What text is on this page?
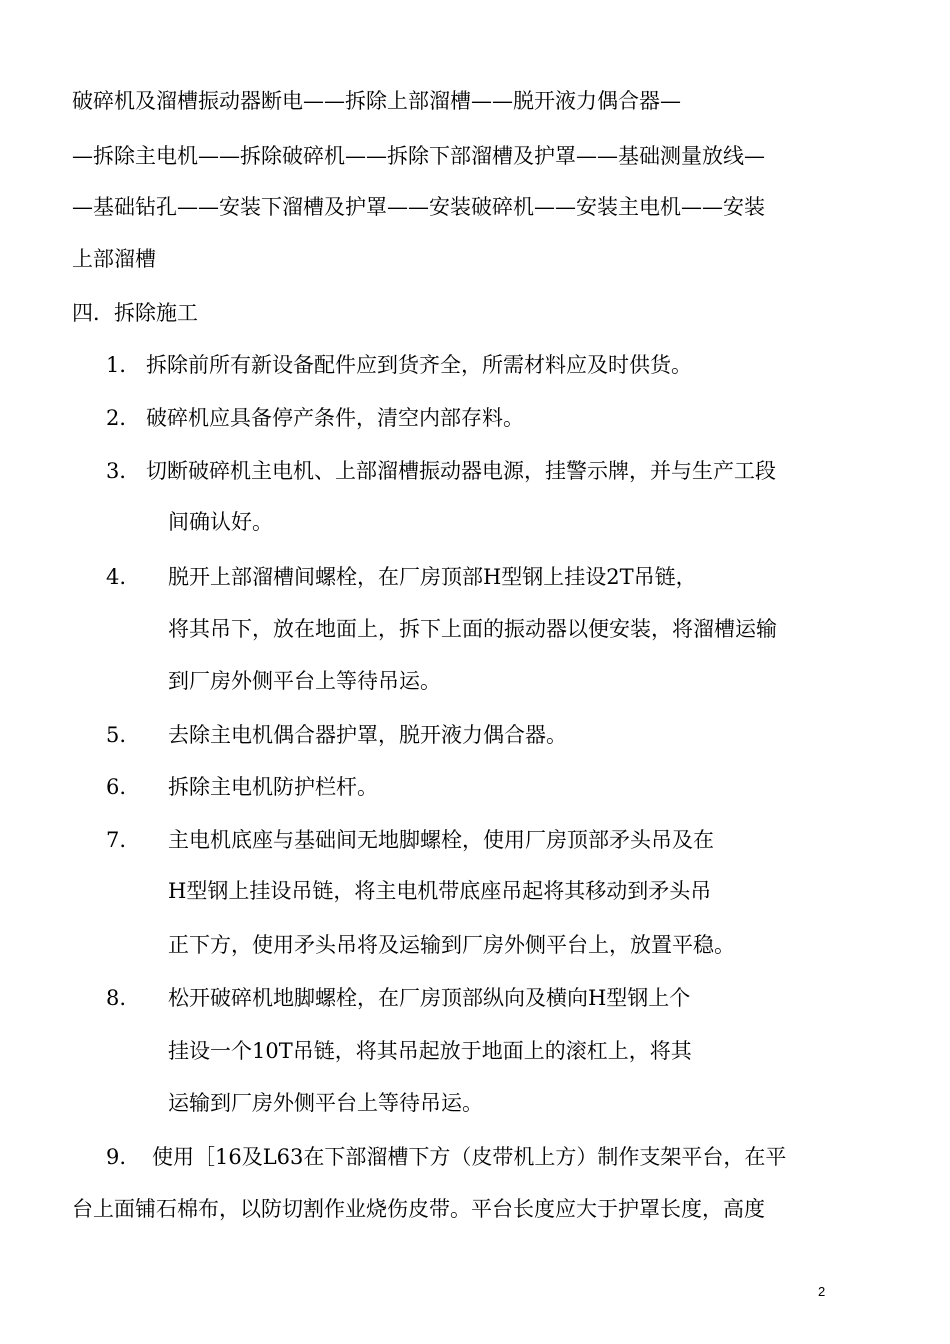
破碎机及溜槽振动器断电——拆除上部溜槽——脱开液力偶合器—
—拆除主电机——拆除破碎机——拆除下部溜槽及护罩——基础测量放线—
—基础钻孔——安装下溜槽及护罩——安装破碎机——安装主电机——安装
上部溜槽
四．拆除施工
1． 拆除前所有新设备配件应到货齐全，所需材料应及时供货。
2． 破碎机应具备停产条件，清空内部存料。
3． 切断破碎机主电机、上部溜槽振动器电源，挂警示牌，并与生产工段
间确认好。
4. 脱开上部溜槽间螺栓，在厂房顶部H型钢上挂设2T吊链，
将其吊下，放在地面上，拆下上面的振动器以便安装，将溜槽运输
到厂房外侧平台上等待吊运。
5. 去除主电机偶合器护罩，脱开液力偶合器。
6. 拆除主电机防护栏杆。
7. 主电机底座与基础间无地脚螺栓，使用厂房顶部矛头吊及在
H型钢上挂设吊链，将主电机带底座吊起将其移动到矛头吊
正下方，使用矛头吊将及运输到厂房外侧平台上，放置平稳。
8. 松开破碎机地脚螺栓，在厂房顶部纵向及横向H型钢上个
挂设一个10T吊链，将其吊起放于地面上的滚杠上，将其
运输到厂房外侧平台上等待吊运。
9. 使用［16及L63在下部溜槽下方（皮带机上方）制作支架平台，在平
台上面铺石棉布，以防切割作业烧伤皮带。平台长度应大于护罩长度，高度
2
